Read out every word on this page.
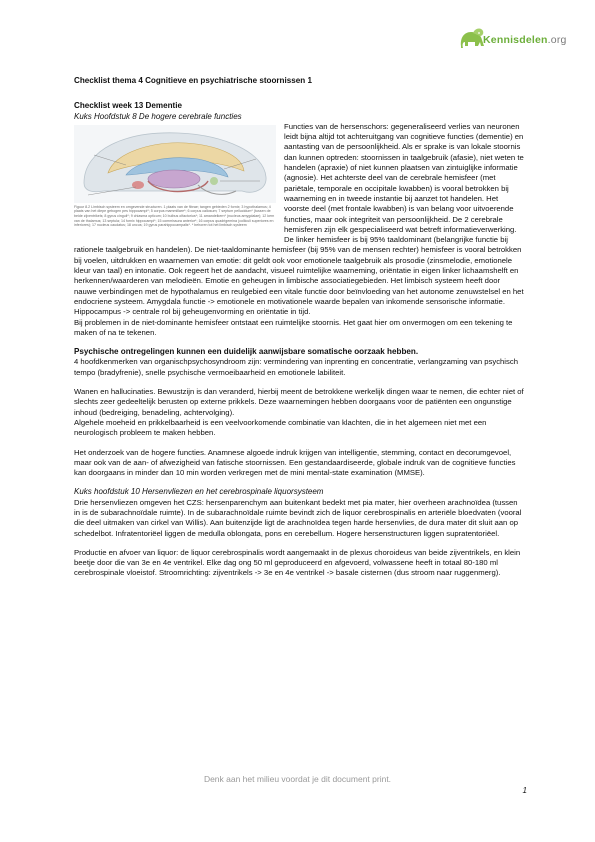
Kennisdelen.org

Checklist thema 4 Cognitieve en psychiatrische stoornissen 1

Checklist week 13 Dementie

Kuks Hoofdstuk 8 De hogere cerebrale functies

Figuur 8.2 Limbisch systeem en omgevende structuren. 1 plaats van de fibrae; tangen gebieden 2 fornix; 3 hypothalamus; 4 plaats van het diepe gebogen pes hippocampi*; 5 corpus mammillare*; 6 corpus callosum; 7 septum pellucidum* (tussen de beide zijventrikels; 8 gyrus cinguli*; 9 chiasma opticum; 10 bulbus olfactorius*; 11 amandelkern* (nucleus amygdalae); 12 kern van de thalamus; 13 septula; 14 fornix hippocampi*; 15 commissura anterior*; 16 corpus quadrigemina (colliculi superiores en inferiores); 17 nucleus caudatus; 18 uncus; 19 gyrus parahippocampalis*. * behoren tot het limbisch systeem

Functies van de hersenschors: gegeneraliseerd verlies van neuronen leidt bijna altijd tot achteruitgang van cognitieve functies (dementie) en aantasting van de persoonlijkheid. Als er sprake is van lokale stoornis dan kunnen optreden: stoornissen in taalgebruik (afasie), niet weten te handelen (apraxie) of niet kunnen plaatsen van zintuiglijke informatie (agnosie). Het achterste deel van de cerebrale hemisfeer (met pariëtale, temporale en occipitale kwabben) is vooral betrokken bij waarneming en in tweede instantie bij aanzet tot handelen. Het voorste deel (met frontale kwabben) is van belang voor uitvoerende functies, maar ook integriteit van persoonlijkheid. De 2 cerebrale hemisferen zijn elk gespecialiseerd wat betreft informatieverwerking. De linker hemisfeer is bij 95% taaldominant (belangrijke functie bij rationele taalgebruik en handelen). De niet-taaldominante hemisfeer (bij 95% van de mensen rechter) hemisfeer is vooral betrokken bij voelen, uitdrukken en waarnemen van emotie: dit geldt ook voor emotionele taalgebruik als prosodie (zinsmelodie, emotionele kleur van taal) en intonatie. Ook regeert het de aandacht, visueel ruimtelijke waarneming, oriëntatie in eigen linker lichaamshelft en herkennen/waarderen van melodieën. Emotie en geheugen in limbische associatiegebieden. Het limbisch systeem heeft door nauwe verbindingen met de hypothalamus en reulgebied een vitale functie door beïnvloeding van het autonome zenuwstelsel en het endocriene systeem. Amygdala functie -> emotionele en motivationele waarde bepalen van inkomende sensorische informatie. Hippocampus -> centrale rol bij geheugenvorming en oriëntatie in tijd.

Bij problemen in de niet-dominante hemisfeer ontstaat een ruimtelijke stoornis. Het gaat hier om onvermogen om een tekening te maken of na te tekenen.

Psychische ontregelingen kunnen een duidelijk aanwijsbare somatische oorzaak hebben.

4 hoofdkenmerken van organischpsychosyndroom zijn: vermindering van inprenting en concentratie, verlangzaming van psychisch tempo (bradyfrenie), snelle psychische vermoeibaarheid en emotionele labiliteit.

Wanen en hallucinaties. Bewustzijn is dan veranderd, hierbij meent de betrokkene werkelijk dingen waar te nemen, die echter niet of slechts zeer gedeeltelijk berusten op externe prikkels. Deze waarnemingen hebben doorgaans voor de patiënten een ongunstige inhoud (bedreiging, benadeling, achtervolging).

Algehele moeheid en prikkelbaarheid is een veelvoorkomende combinatie van klachten, die in het algemeen niet met een neurologisch probleem te maken hebben.

Het onderzoek van de hogere functies. Anamnese algoede indruk krijgen van intelligentie, stemming, contact en decorumgevoel, maar ook van de aan- of afwezigheid van fatische stoornissen. Een gestandaardiseerde, globale indruk van de cognitieve functies kan doorgaans in minder dan 10 min worden verkregen met de mini mental-state examination (MMSE).

Kuks hoofdstuk 10 Hersenvliezen en het cerebrospinale liquorsysteem

Drie hersenvliezen omgeven het CZS: hersenparenchym aan buitenkant bedekt met pia mater, hier overheen arachnoïdea (tussen in is de subarachnoïdale ruimte). In de subarachnoïdale ruimte bevindt zich de liquor cerebrospinalis en arteriële bloedvaten (vooral die deel uitmaken van cirkel van Willis). Aan buitenzijde ligt de arachnoïdea tegen harde hersenvlies, de dura mater dit sluit aan op schedelbot. Infratentoriëel liggen de medulla oblongata, pons en cerebellum. Hogere hersenstructuren liggen supratentoriëel.

Productie en afvoer van liquor: de liquor cerebrospinalis wordt aangemaakt in de plexus choroideus van beide zijventrikels, en klein beetje door die van 3e en 4e ventrikel. Elke dag ong 50 ml geproduceerd en afgevoerd, volwassene heeft in totaal 80-180 ml cerebrospinale vloeistof. Stroomrichting: zijventrikels -> 3e en 4e ventrikel -> basale cisternen (dus stroom naar ruggenmerg).

Denk aan het milieu voordat je dit document print.
1
